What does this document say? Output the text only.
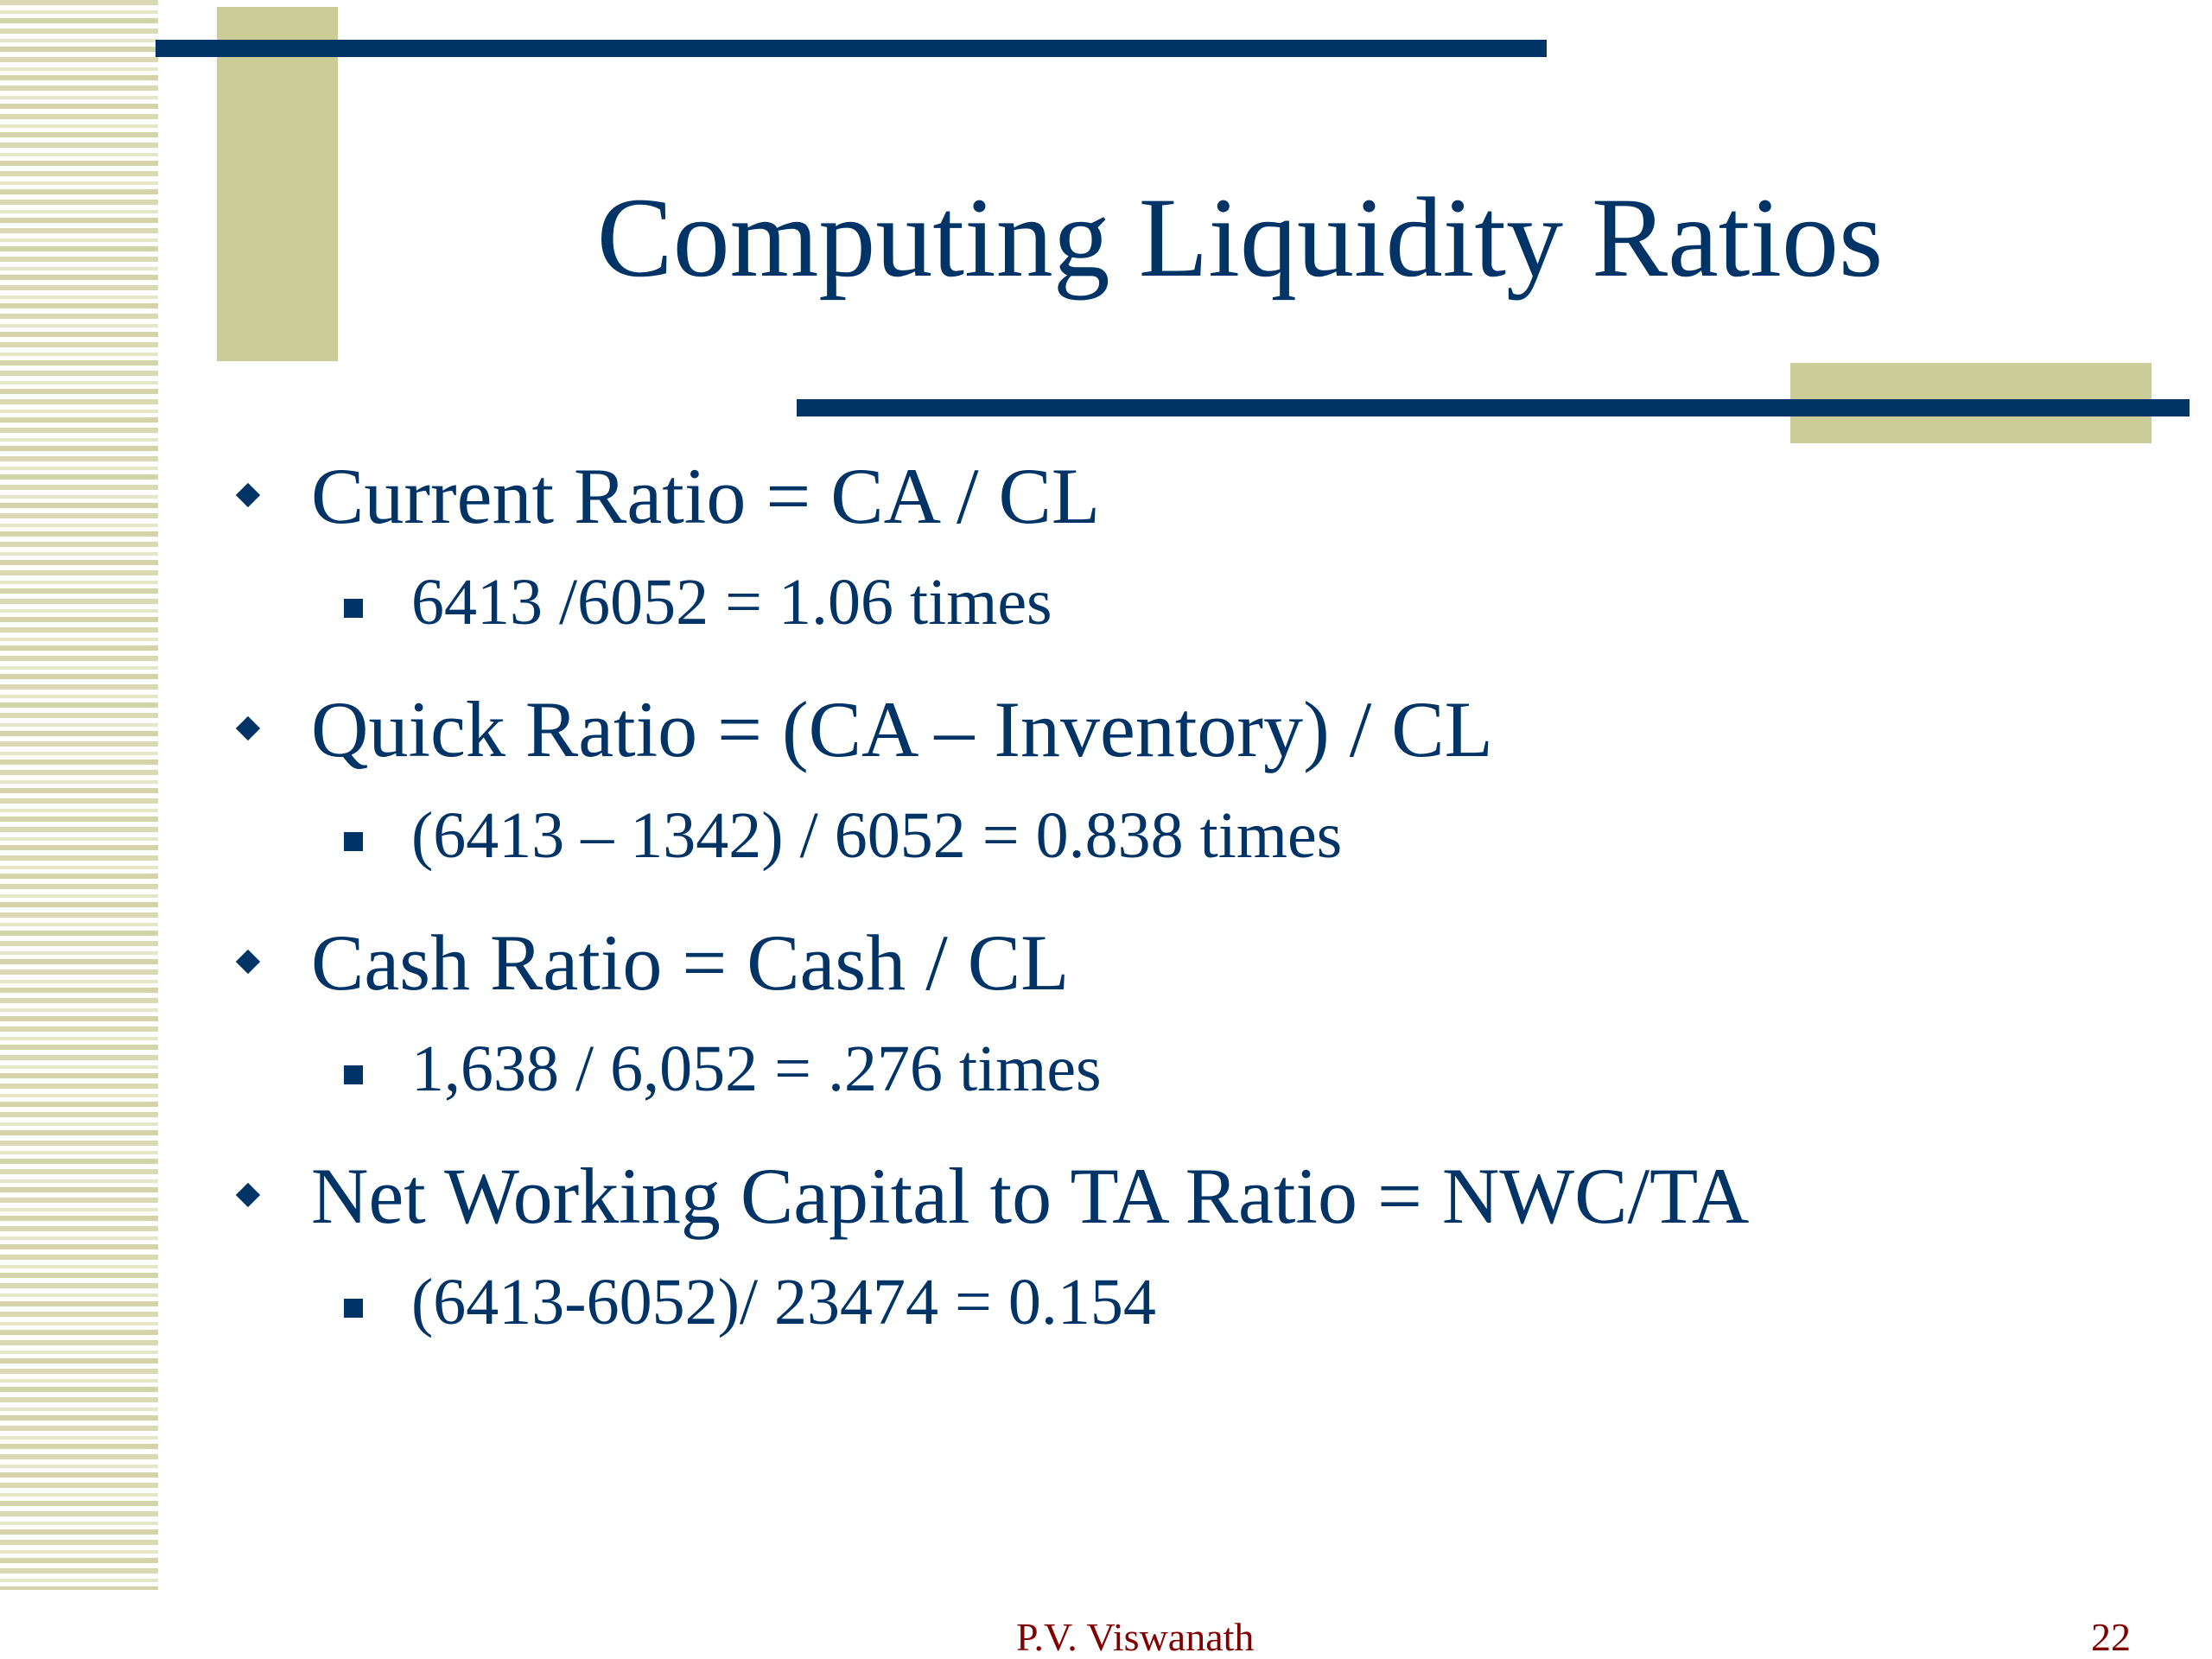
Computing Liquidity Ratios
Current Ratio = CA / CL
6413 /6052 = 1.06 times
Quick Ratio = (CA – Inventory) / CL
(6413 – 1342) / 6052 = 0.838 times
Cash Ratio = Cash / CL
1,638 / 6,052 = .276 times
Net Working Capital to TA Ratio = NWC/TA
(6413-6052)/ 23474 = 0.154
P.V. Viswanath	22
